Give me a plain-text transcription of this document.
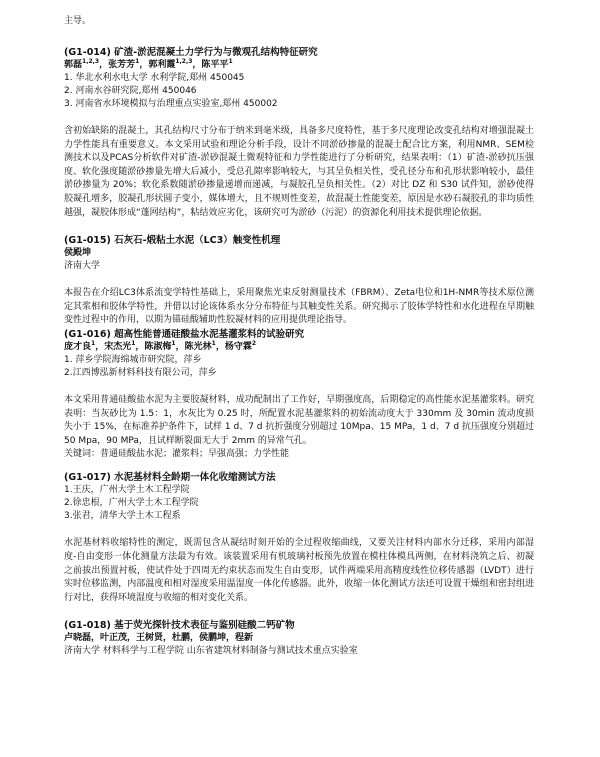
主导。
(G1-014) 矿渣-淤泥混凝土力学行为与微观孔结构特征研究
郭磊$^{1,2,3}$，张芳芳$^1$，郭利霞$^{1,2,3}$，陈平平$^1$
1. 华北水利水电大学 水利学院,郑州 450045
2. 河南水谷研究院,郑州 450046
3. 河南省水环境模拟与治理重点实验室,郑州 450002
含初始缺陷的混凝土，其孔结构尺寸分布于纳米到毫米级，具备多尺度特性，基于多尺度理论改变孔结构对增强混凝土力学性能具有重要意义。本文采用试验和理论分析手段，设计不同淤砂掺量的混凝土配合比方案，利用NMR、SEM检测技术以及PCAS分析软件对矿渣-淤砂混凝土微观特征和力学性能进行了分析研究，结果表明：（1）矿渣-淤砂抗压强度、软化强度随淤砂掺量先增大后减小，受总孔隙率影响较大，与其呈负相关性，受孔径分布和孔形状影响较小，最佳淤砂掺量为 20%；软化系数随淤砂掺量递增而递减，与凝胶孔呈负相关性。（2）对比 DZ 和 S30 试件知，淤砂使得胶凝孔增多，胶凝孔形状圆子变小，媒体增大，且不规则性变差，故混凝土性能变差，原因是水砂石凝胶孔的非均质性越强，凝胶体形成“蓬网结构”，粘结效应劣化，该研究可为淤砂（污泥）的资源化利用技术提供理论依据。
(G1-015) 石灰石-煅粘土水泥（LC3）触变性机理
侯殿坤
济南大学
本报告在介绍LC3体系流变学特性基础上，采用聚焦光束反射测量技术（FBRM）、Zeta电位和1H-NMR等技术原位测定其浆相和胶体学特性，并借以讨论该体系水分分布特征与其触变性关系。研究揭示了胶体学特性和水化进程在早期触变性过程中的作用，以期为锚硅酸辅助性胶凝材料的应用提供理论指导。
(G1-016) 超高性能普通硅酸盐水泥基灌浆料的试验研究
庞才良$^1$，宋杰光$^1$，陈淑梅$^1$，陈光林$^1$，杨守霖$^2$
1. 萍乡学院海绵城市研究院，萍乡
2.江西博泓新材料科技有限公司，萍乡
本文采用普通硅酸盐水泥为主要胶凝材料，成功配制出了工作好，早期强度高，后期稳定的高性能水泥基灌浆料。研究表明：当灰砂比为 1.5：1，水灰比为 0.25 时，所配置水泥基灌浆料的初始流动度大于 330mm 及 30min 流动度损失小于 15%，在标准养护条件下，试样 1 d、7 d 抗折强度分别超过 10Mpa、15 MPa，1 d、7 d 抗压强度分别超过 50 Mpa，90 MPa，且试样断裂面无大于 2mm 的异常气孔。
关键词：普通硅酸盐水泥；灌浆料；早强高强；力学性能
(G1-017) 水泥基材料全龄期一体化收缩测试方法
1.王庆，广州大学土木工程学院
2.徐忠根，广州大学土木工程学院
3.张君，清华大学土木工程系
水泥基材料收缩特性的测定，既需包含从凝结时刻开始的全过程收缩曲线，又要关注材料内部水分迁移，采用内部湿度-自由变形一体化测量方法最为有效。该装置采用有机玻璃衬板预先放置在模柱体模具两侧，在材料浇筑之后、初凝之前拔出预置衬板，使试件处于四周无约束状态而发生自由变形，试件两端采用高精度线性位移传感器（LVDT）进行实时位移监测，内部温度和相对湿度采用温湿度一体化传感器。此外，收缩一体化测试方法还可设置干燥组和密封组进行对比，获得环境湿度与收缩的相对变化关系。
(G1-018) 基于荧光探针技术表征与鉴别硅酸二钙矿物
卢晓磊，叶正茂，王树贤，杜鹏，侯鹏坤，程新
济南大学 材料科学与工程学院 山东省建筑材料制备与测试技术重点实验室
